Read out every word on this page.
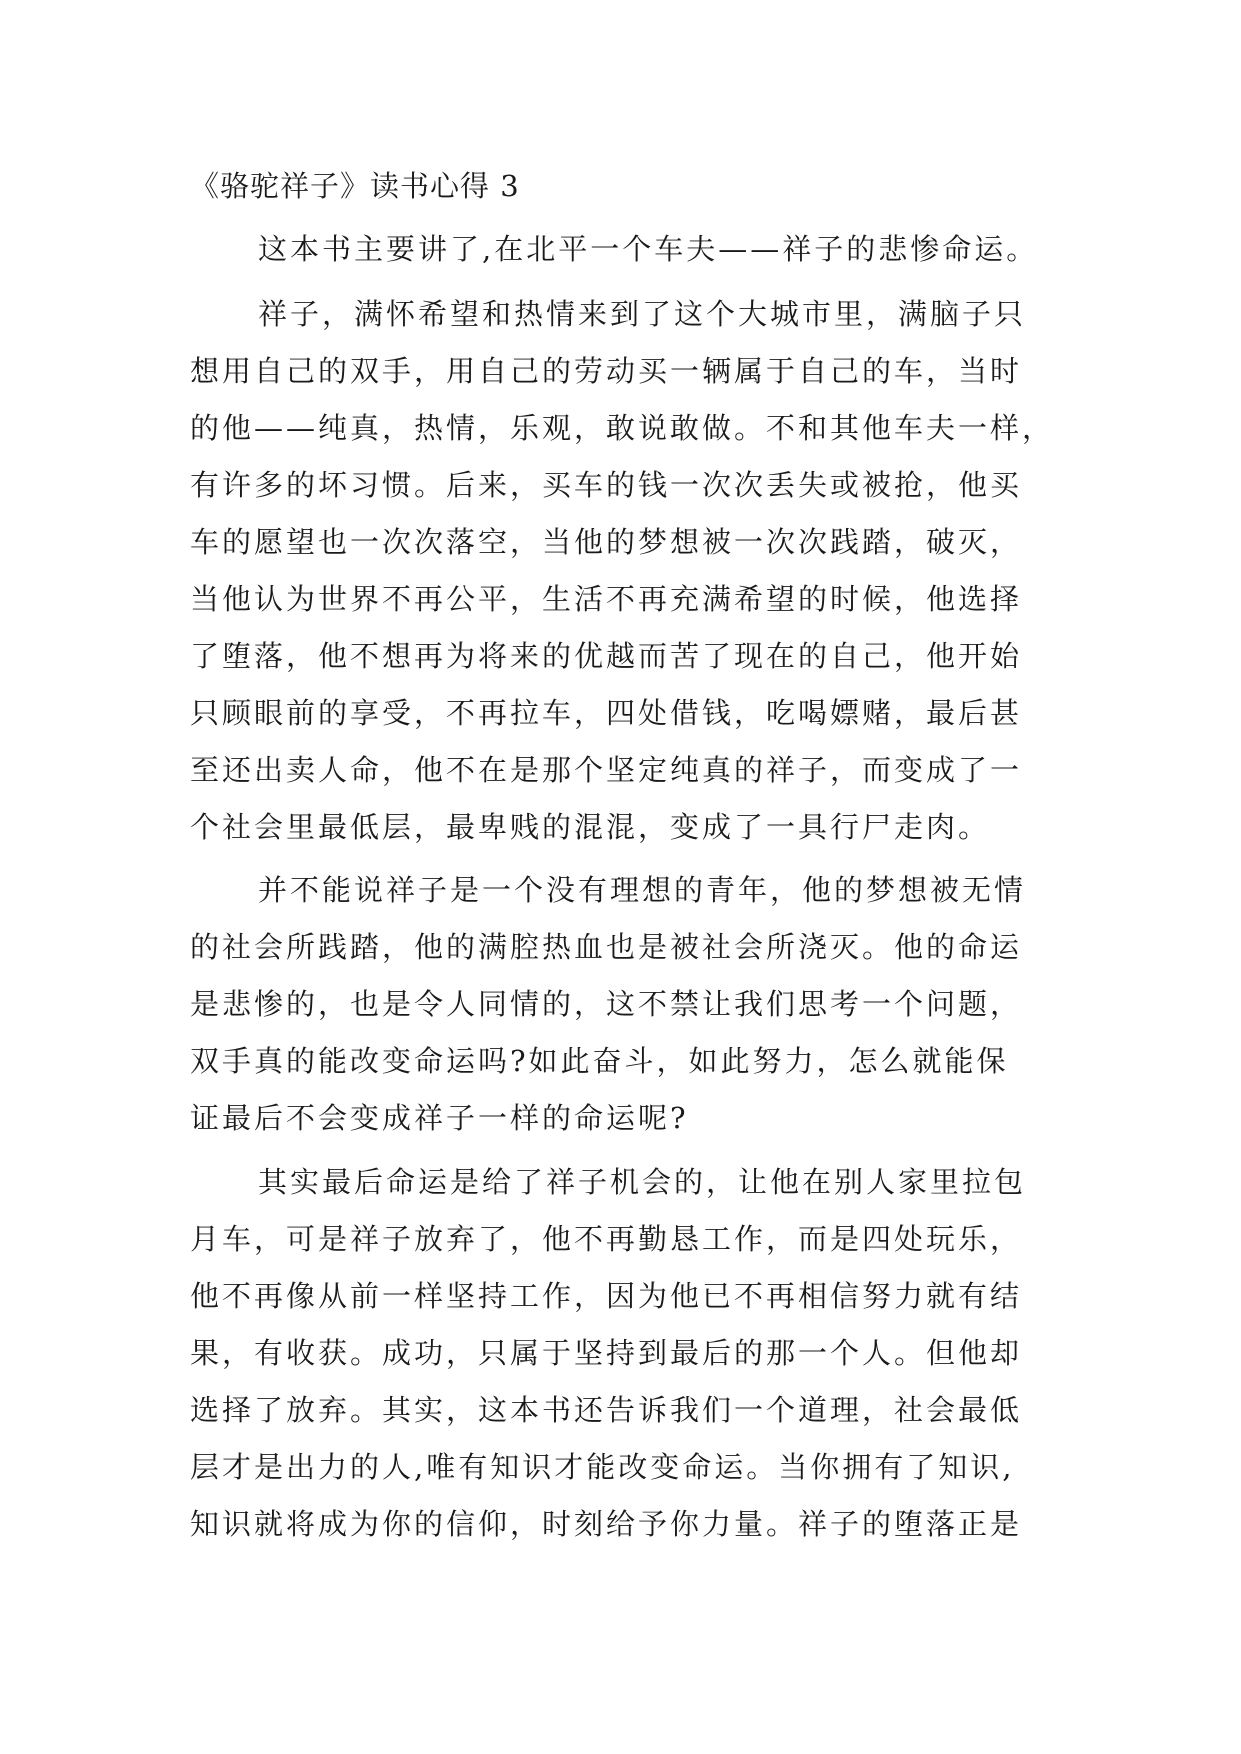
《骆驼祥子》读书心得 3
这本书主要讲了,在北平一个车夫——祥子的悲惨命运。
祥子，满怀希望和热情来到了这个大城市里，满脑子只
想用自己的双手，用自己的劳动买一辆属于自己的车，当时
的他——纯真，热情，乐观，敢说敢做。不和其他车夫一样，
有许多的坏习惯。后来，买车的钱一次次丢失或被抢，他买
车的愿望也一次次落空，当他的梦想被一次次践踏，破灭，
当他认为世界不再公平，生活不再充满希望的时候，他选择
了堕落，他不想再为将来的优越而苦了现在的自己，他开始
只顾眼前的享受，不再拉车，四处借钱，吃喝嫖赌，最后甚
至还出卖人命，他不在是那个坚定纯真的祥子，而变成了一
个社会里最低层，最卑贱的混混，变成了一具行尸走肉。
并不能说祥子是一个没有理想的青年，他的梦想被无情
的社会所践踏，他的满腔热血也是被社会所浇灭。他的命运
是悲惨的，也是令人同情的，这不禁让我们思考一个问题，
双手真的能改变命运吗?如此奋斗，如此努力，怎么就能保
证最后不会变成祥子一样的命运呢?
其实最后命运是给了祥子机会的，让他在别人家里拉包
月车，可是祥子放弃了，他不再勤恳工作，而是四处玩乐，
他不再像从前一样坚持工作，因为他已不再相信努力就有结
果，有收获。成功，只属于坚持到最后的那一个人。但他却
选择了放弃。其实，这本书还告诉我们一个道理，社会最低
层才是出力的人,唯有知识才能改变命运。当你拥有了知识,
知识就将成为你的信仰，时刻给予你力量。祥子的堕落正是
